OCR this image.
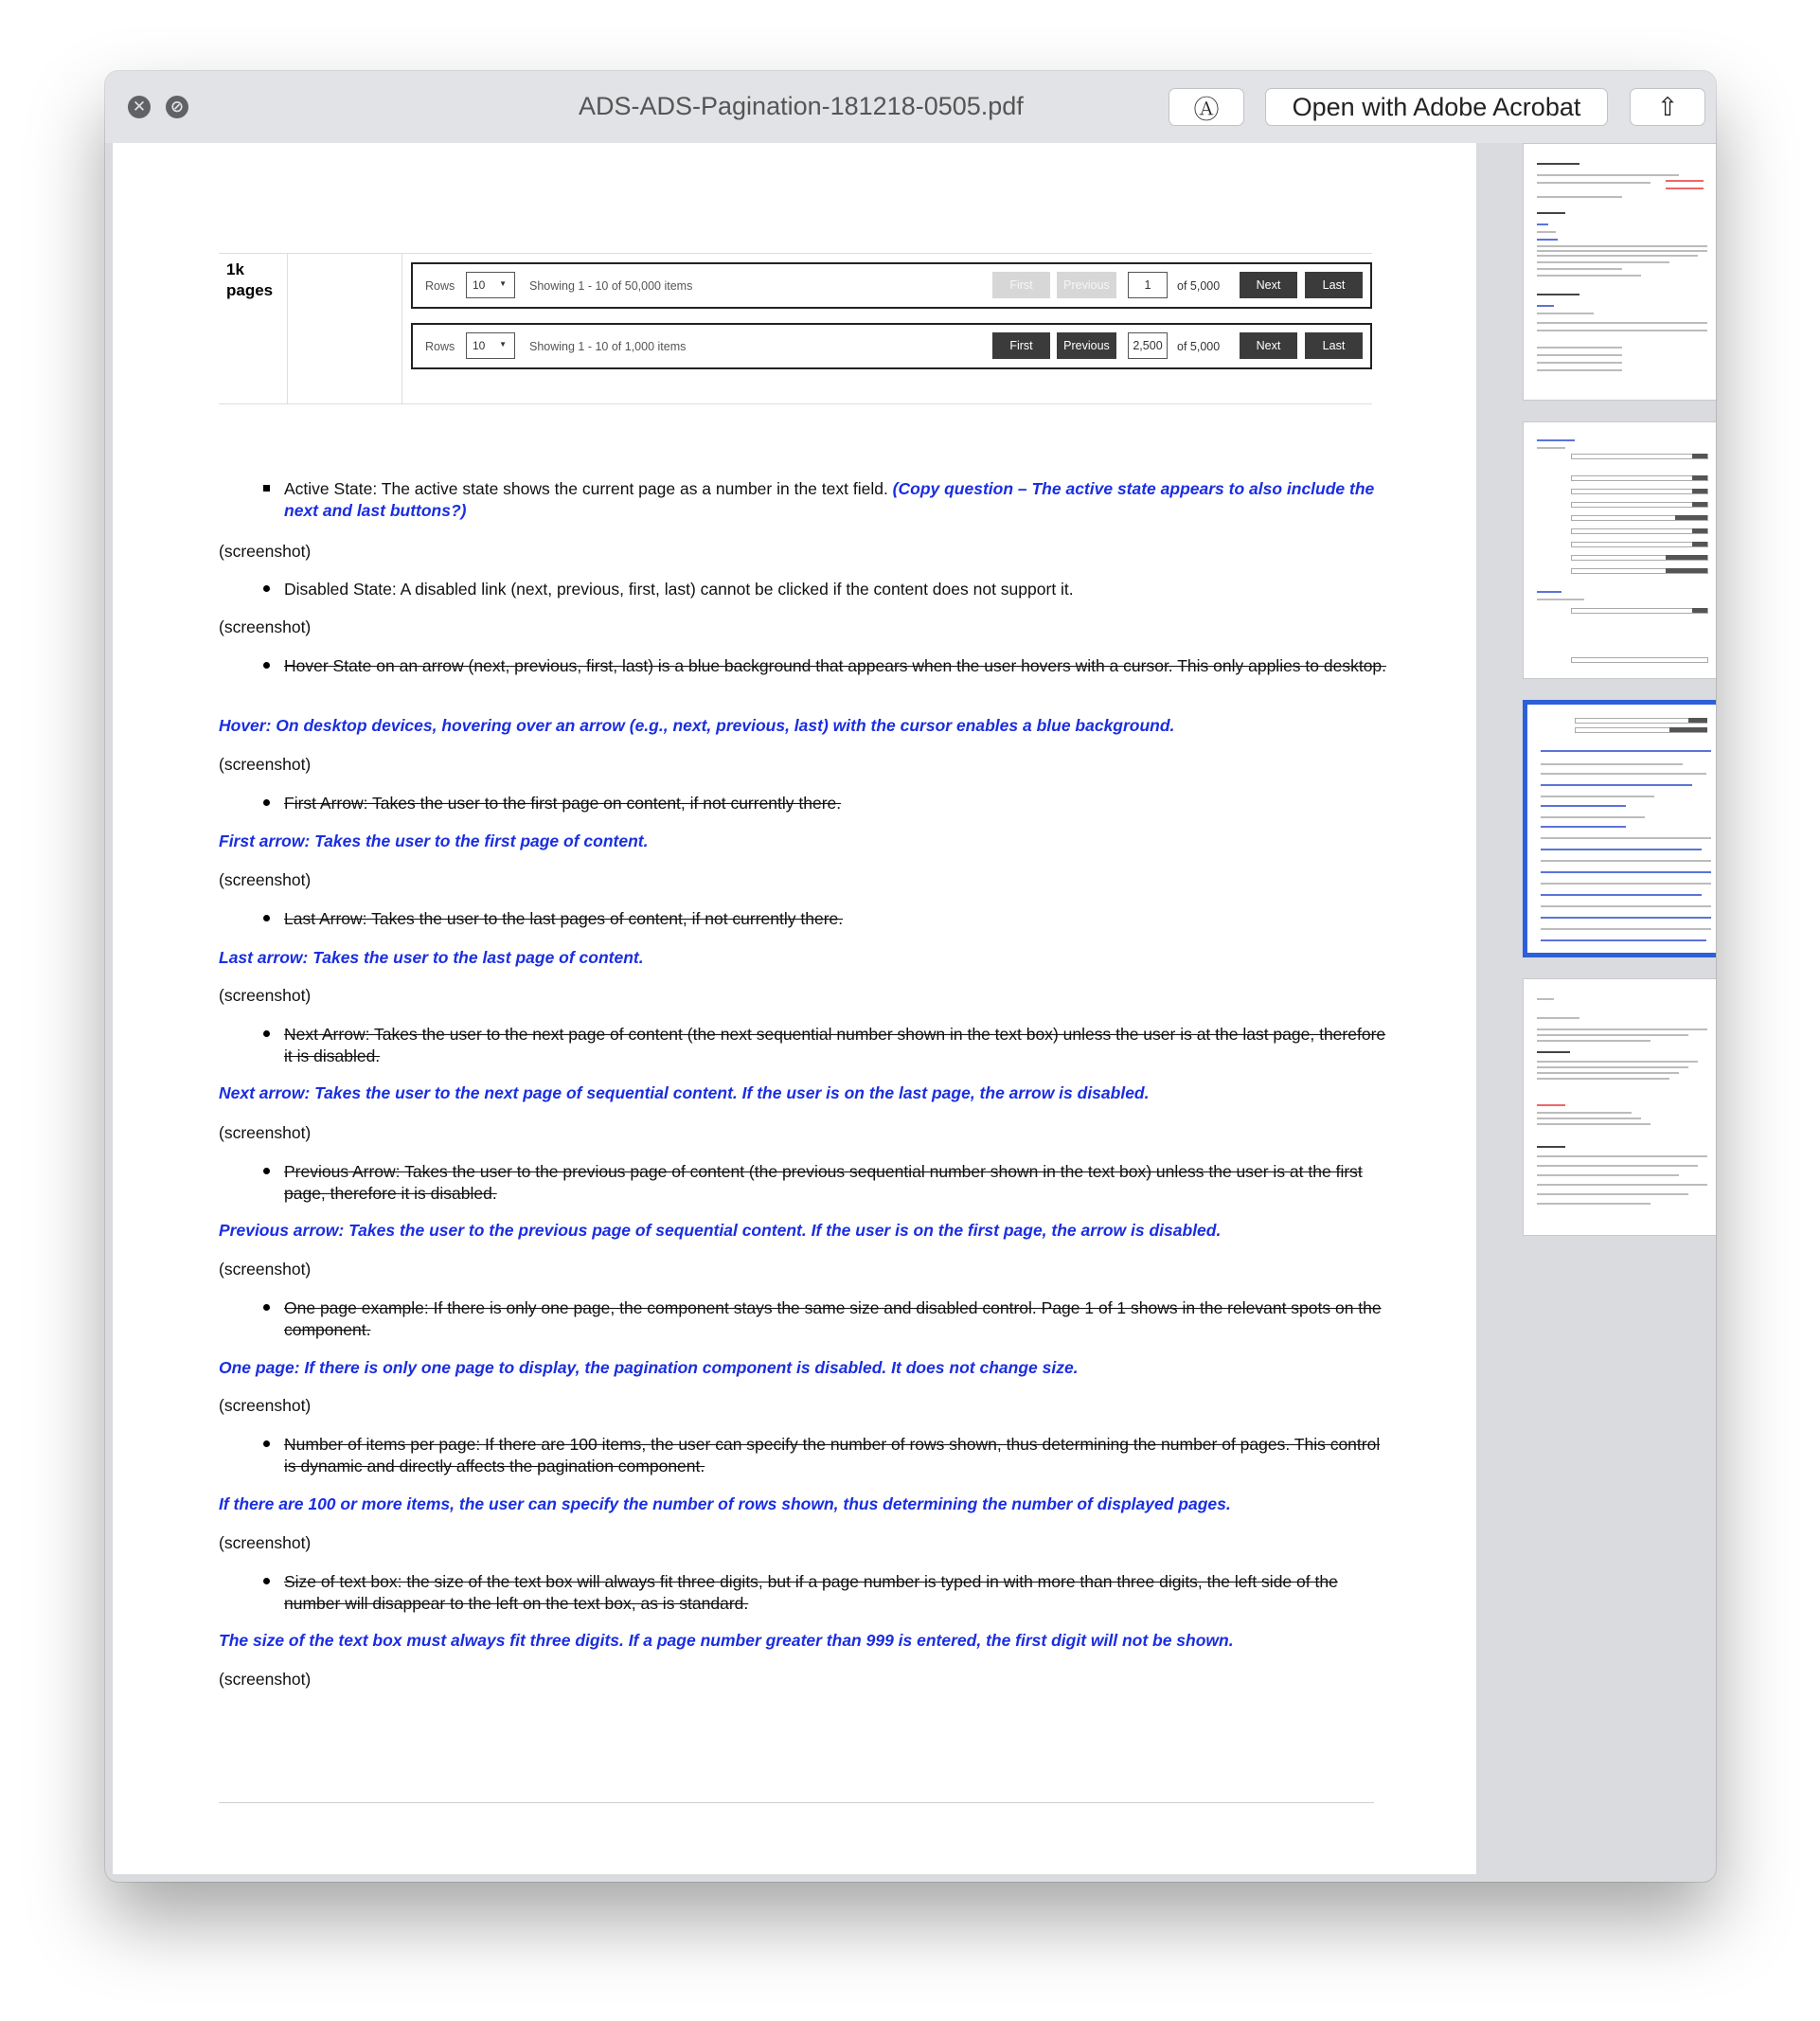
✕ ⊘	ADS-ADS-Pagination-181218-0505.pdf	Ⓐ	Open with Adobe Acrobat	⇧
1k pages	Rows	10 ▼ Showing 1 - 10 of 50,000 items	First	Previous	1	of 5,000	Next	Last
Rows	10 ▼ Showing 1 - 10 of 1,000 items	First	Previous	2,500	of 5,000	Next	Last
Active State: The active state shows the current page as a number in the text field. (Copy question – The active state appears to also include the next and last buttons?)
(screenshot)
Disabled State: A disabled link (next, previous, first, last) cannot be clicked if the content does not support it.
(screenshot)
Hover State on an arrow (next, previous, first, last) is a blue background that appears when the user hovers with a cursor. This only applies to desktop.
Hover: On desktop devices, hovering over an arrow (e.g., next, previous, last) with the cursor enables a blue background.
(screenshot)
First Arrow: Takes the user to the first page on content, if not currently there.
First arrow: Takes the user to the first page of content.
(screenshot)
Last Arrow: Takes the user to the last pages of content, if not currently there.
Last arrow: Takes the user to the last page of content.
(screenshot)
Next Arrow: Takes the user to the next page of content (the next sequential number shown in the text box) unless the user is at the last page, therefore it is disabled.
Next arrow: Takes the user to the next page of sequential content. If the user is on the last page, the arrow is disabled.
(screenshot)
Previous Arrow: Takes the user to the previous page of content (the previous sequential number shown in the text box) unless the user is at the first page, therefore it is disabled.
Previous arrow: Takes the user to the previous page of sequential content. If the user is on the first page, the arrow is disabled.
(screenshot)
One page example: If there is only one page, the component stays the same size and disabled control. Page 1 of 1 shows in the relevant spots on the component.
One page: If there is only one page to display, the pagination component is disabled. It does not change size.
(screenshot)
Number of items per page: If there are 100 items, the user can specify the number of rows shown, thus determining the number of pages. This control is dynamic and directly affects the pagination component.
If there are 100 or more items, the user can specify the number of rows shown, thus determining the number of displayed pages.
(screenshot)
Size of text box: the size of the text box will always fit three digits, but if a page number is typed in with more than three digits, the left side of the number will disappear to the left on the text box, as is standard.
The size of the text box must always fit three digits. If a page number greater than 999 is entered, the first digit will not be shown.
(screenshot)
